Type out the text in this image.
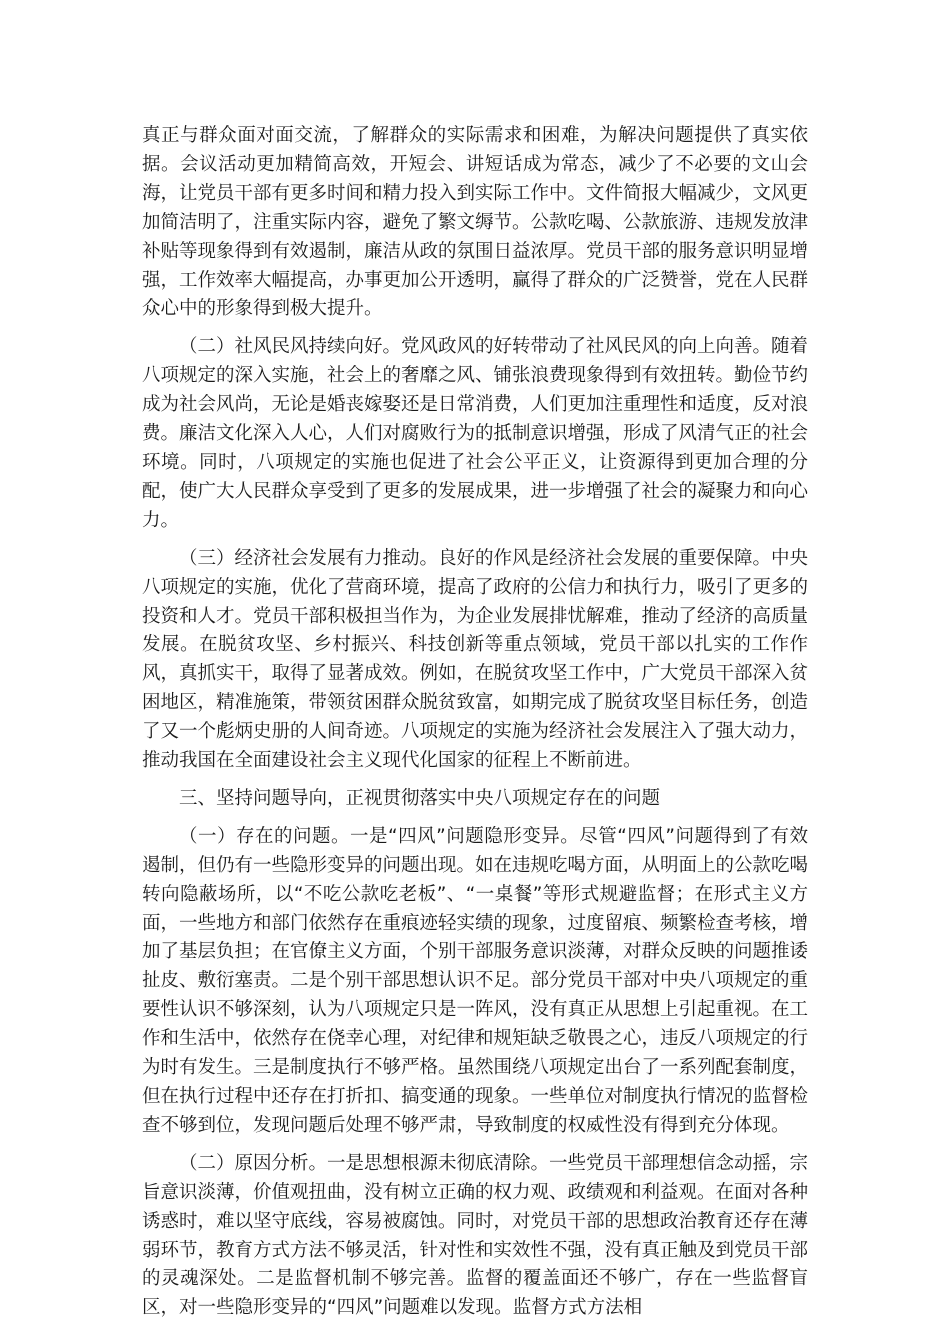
真正与群众面对面交流，了解群众的实际需求和困难，为解决问题提供了真实依据。会议活动更加精简高效，开短会、讲短话成为常态，减少了不必要的文山会海，让党员干部有更多时间和精力投入到实际工作中。文件简报大幅减少，文风更加简洁明了，注重实际内容，避免了繁文缛节。公款吃喝、公款旅游、违规发放津补贴等现象得到有效遏制，廉洁从政的氛围日益浓厚。党员干部的服务意识明显增强，工作效率大幅提高，办事更加公开透明，赢得了群众的广泛赞誉，党在人民群众心中的形象得到极大提升。

（二）社风民风持续向好。党风政风的好转带动了社风民风的向上向善。随着八项规定的深入实施，社会上的奢靡之风、铺张浪费现象得到有效扭转。勤俭节约成为社会风尚，无论是婚丧嫁娶还是日常消费，人们更加注重理性和适度，反对浪费。廉洁文化深入人心，人们对腐败行为的抵制意识增强，形成了风清气正的社会环境。同时，八项规定的实施也促进了社会公平正义，让资源得到更加合理的分配，使广大人民群众享受到了更多的发展成果，进一步增强了社会的凝聚力和向心力。

（三）经济社会发展有力推动。良好的作风是经济社会发展的重要保障。中央八项规定的实施，优化了营商环境，提高了政府的公信力和执行力，吸引了更多的投资和人才。党员干部积极担当作为，为企业发展排忧解难，推动了经济的高质量发展。在脱贫攻坚、乡村振兴、科技创新等重点领域，党员干部以扎实的工作作风，真抓实干，取得了显著成效。例如，在脱贫攻坚工作中，广大党员干部深入贫困地区，精准施策，带领贫困群众脱贫致富，如期完成了脱贫攻坚目标任务，创造了又一个彪炳史册的人间奇迹。八项规定的实施为经济社会发展注入了强大动力，推动我国在全面建设社会主义现代化国家的征程上不断前进。

三、坚持问题导向，正视贯彻落实中央八项规定存在的问题

（一）存在的问题。一是“四风”问题隐形变异。尽管“四风”问题得到了有效遏制，但仍有一些隐形变异的问题出现。如在违规吃喝方面，从明面上的公款吃喝转向隐蔽场所，以“不吃公款吃老板”、“一桌餐”等形式规避监督；在形式主义方面，一些地方和部门依然存在重痕迹轻实绩的现象，过度留痕、频繁检查考核，增加了基层负担；在官僚主义方面，个别干部服务意识淡薄，对群众反映的问题推诿扯皮、敷衍塞责。二是个别干部思想认识不足。部分党员干部对中央八项规定的重要性认识不够深刻，认为八项规定只是一阵风，没有真正从思想上引起重视。在工作和生活中，依然存在侥幸心理，对纪律和规矩缺乏敬畏之心，违反八项规定的行为时有发生。三是制度执行不够严格。虽然围绕八项规定出台了一系列配套制度，但在执行过程中还存在打折扣、搞变通的现象。一些单位对制度执行情况的监督检查不够到位，发现问题后处理不够严肃，导致制度的权威性没有得到充分体现。

（二）原因分析。一是思想根源未彻底清除。一些党员干部理想信念动摇，宗旨意识淡薄，价值观扭曲，没有树立正确的权力观、政绩观和利益观。在面对各种诱惑时，难以坚守底线，容易被腐蚀。同时，对党员干部的思想政治教育还存在薄弱环节，教育方式方法不够灵活，针对性和实效性不强，没有真正触及到党员干部的灵魂深处。二是监督机制不够完善。监督的覆盖面还不够广，存在一些监督盲区，对一些隐形变异的“四风”问题难以发现。监督方式方法相
